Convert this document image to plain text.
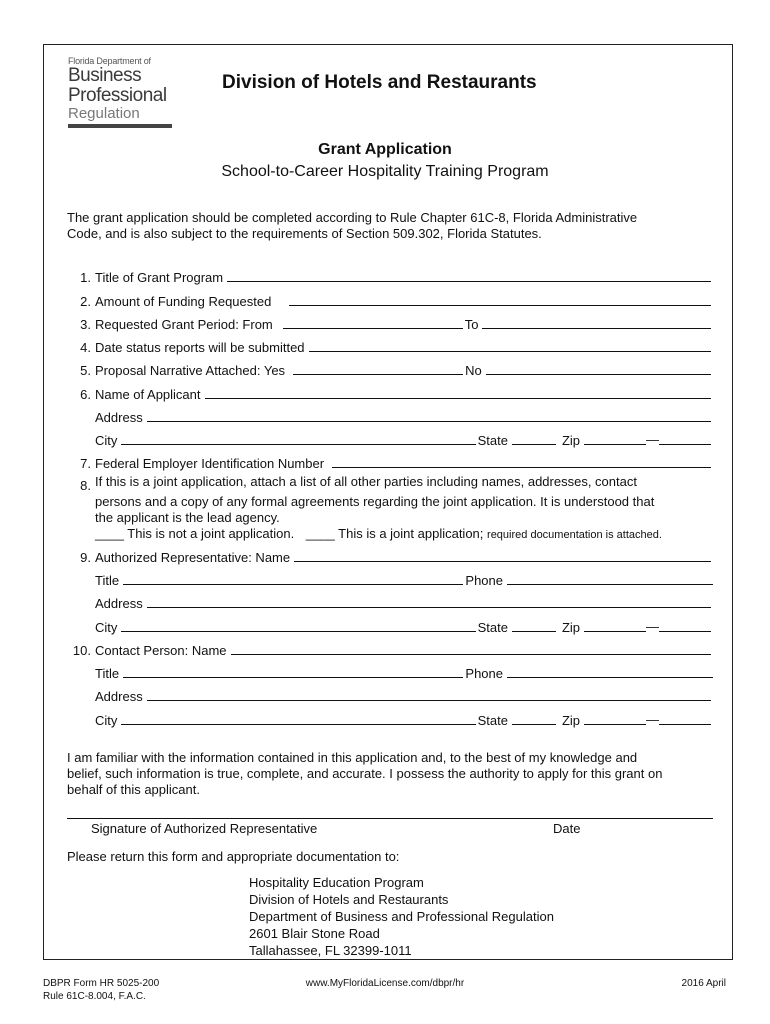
Florida Department of
Business
Professional
Regulation
Division of Hotels and Restaurants
Grant Application
School-to-Career Hospitality Training Program
The grant application should be completed according to Rule Chapter 61C-8, Florida Administrative
Code, and is also subject to the requirements of Section 509.302, Florida Statutes.
1. Title of Grant Program
2. Amount of Funding Requested
3. Requested Grant Period: From	To
4. Date status reports will be submitted
5. Proposal Narrative Attached: Yes	No
6. Name of Applicant
Address
City	State	Zip	—
7. Federal Employer Identification Number
8. If this is a joint application, attach a list of all other parties including names, addresses, contact
persons and a copy of any formal agreements regarding the joint application. It is understood that
the applicant is the lead agency.
____ This is not a joint application. ____ This is a joint application; required documentation is attached.
9. Authorized Representative: Name
Title	Phone
Address
City	State	Zip	—
10. Contact Person: Name
Title	Phone
Address
City	State	Zip	—
I am familiar with the information contained in this application and, to the best of my knowledge and
belief, such information is true, complete, and accurate. I possess the authority to apply for this grant on
behalf of this applicant.
Signature of Authorized Representative	Date
Please return this form and appropriate documentation to:
Hospitality Education Program
Division of Hotels and Restaurants
Department of Business and Professional Regulation
2601 Blair Stone Road
Tallahassee, FL 32399-1011
DBPR Form HR 5025-200
Rule 61C-8.004, F.A.C.
www.MyFloridaLicense.com/dbpr/hr	2016 April
